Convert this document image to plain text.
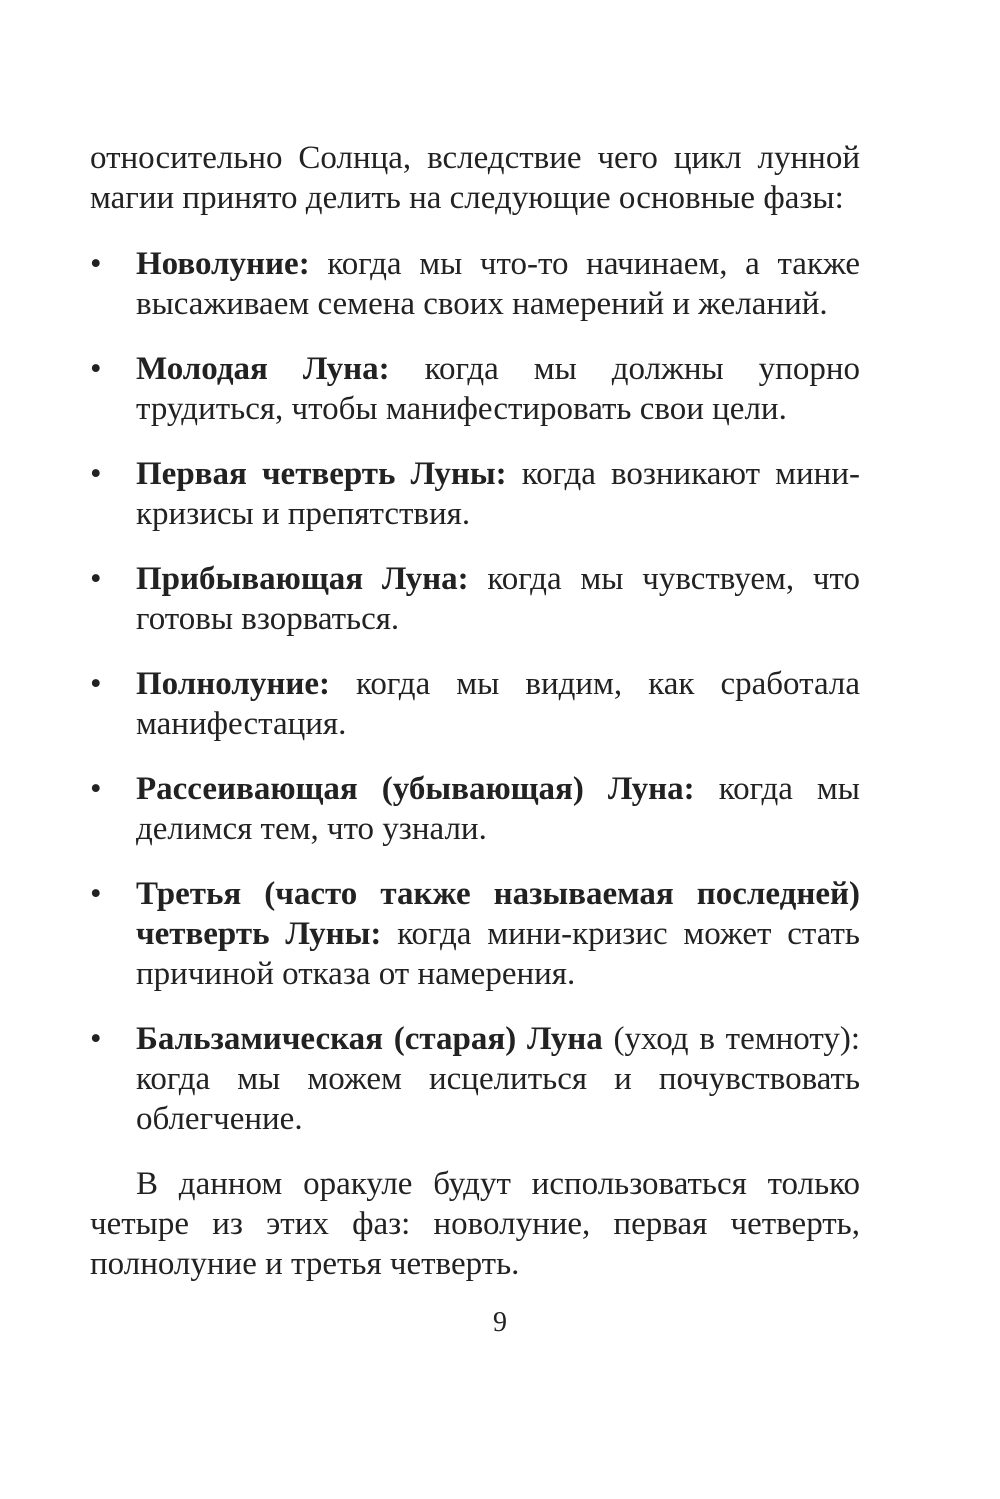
относительно Солнца, вследствие чего цикл лунной магии принято делить на следующие основные фазы:

• Новолуние: когда мы что-то начинаем, а также высаживаем семена своих намерений и желаний.
• Молодая Луна: когда мы должны упорно трудиться, чтобы манифестировать свои цели.
• Первая четверть Луны: когда возникают мини-кризисы и препятствия.
• Прибывающая Луна: когда мы чувствуем, что готовы взорваться.
• Полнолуние: когда мы видим, как сработала манифестация.
• Рассеивающая (убывающая) Луна: когда мы делимся тем, что узнали.
• Третья (часто также называемая последней) четверть Луны: когда мини-кризис может стать причиной отказа от намерения.
• Бальзамическая (старая) Луна (уход в темноту): когда мы можем исцелиться и почувствовать облегчение.

В данном оракуле будут использоваться только четыре из этих фаз: новолуние, первая четверть, полнолуние и третья четверть.

9
